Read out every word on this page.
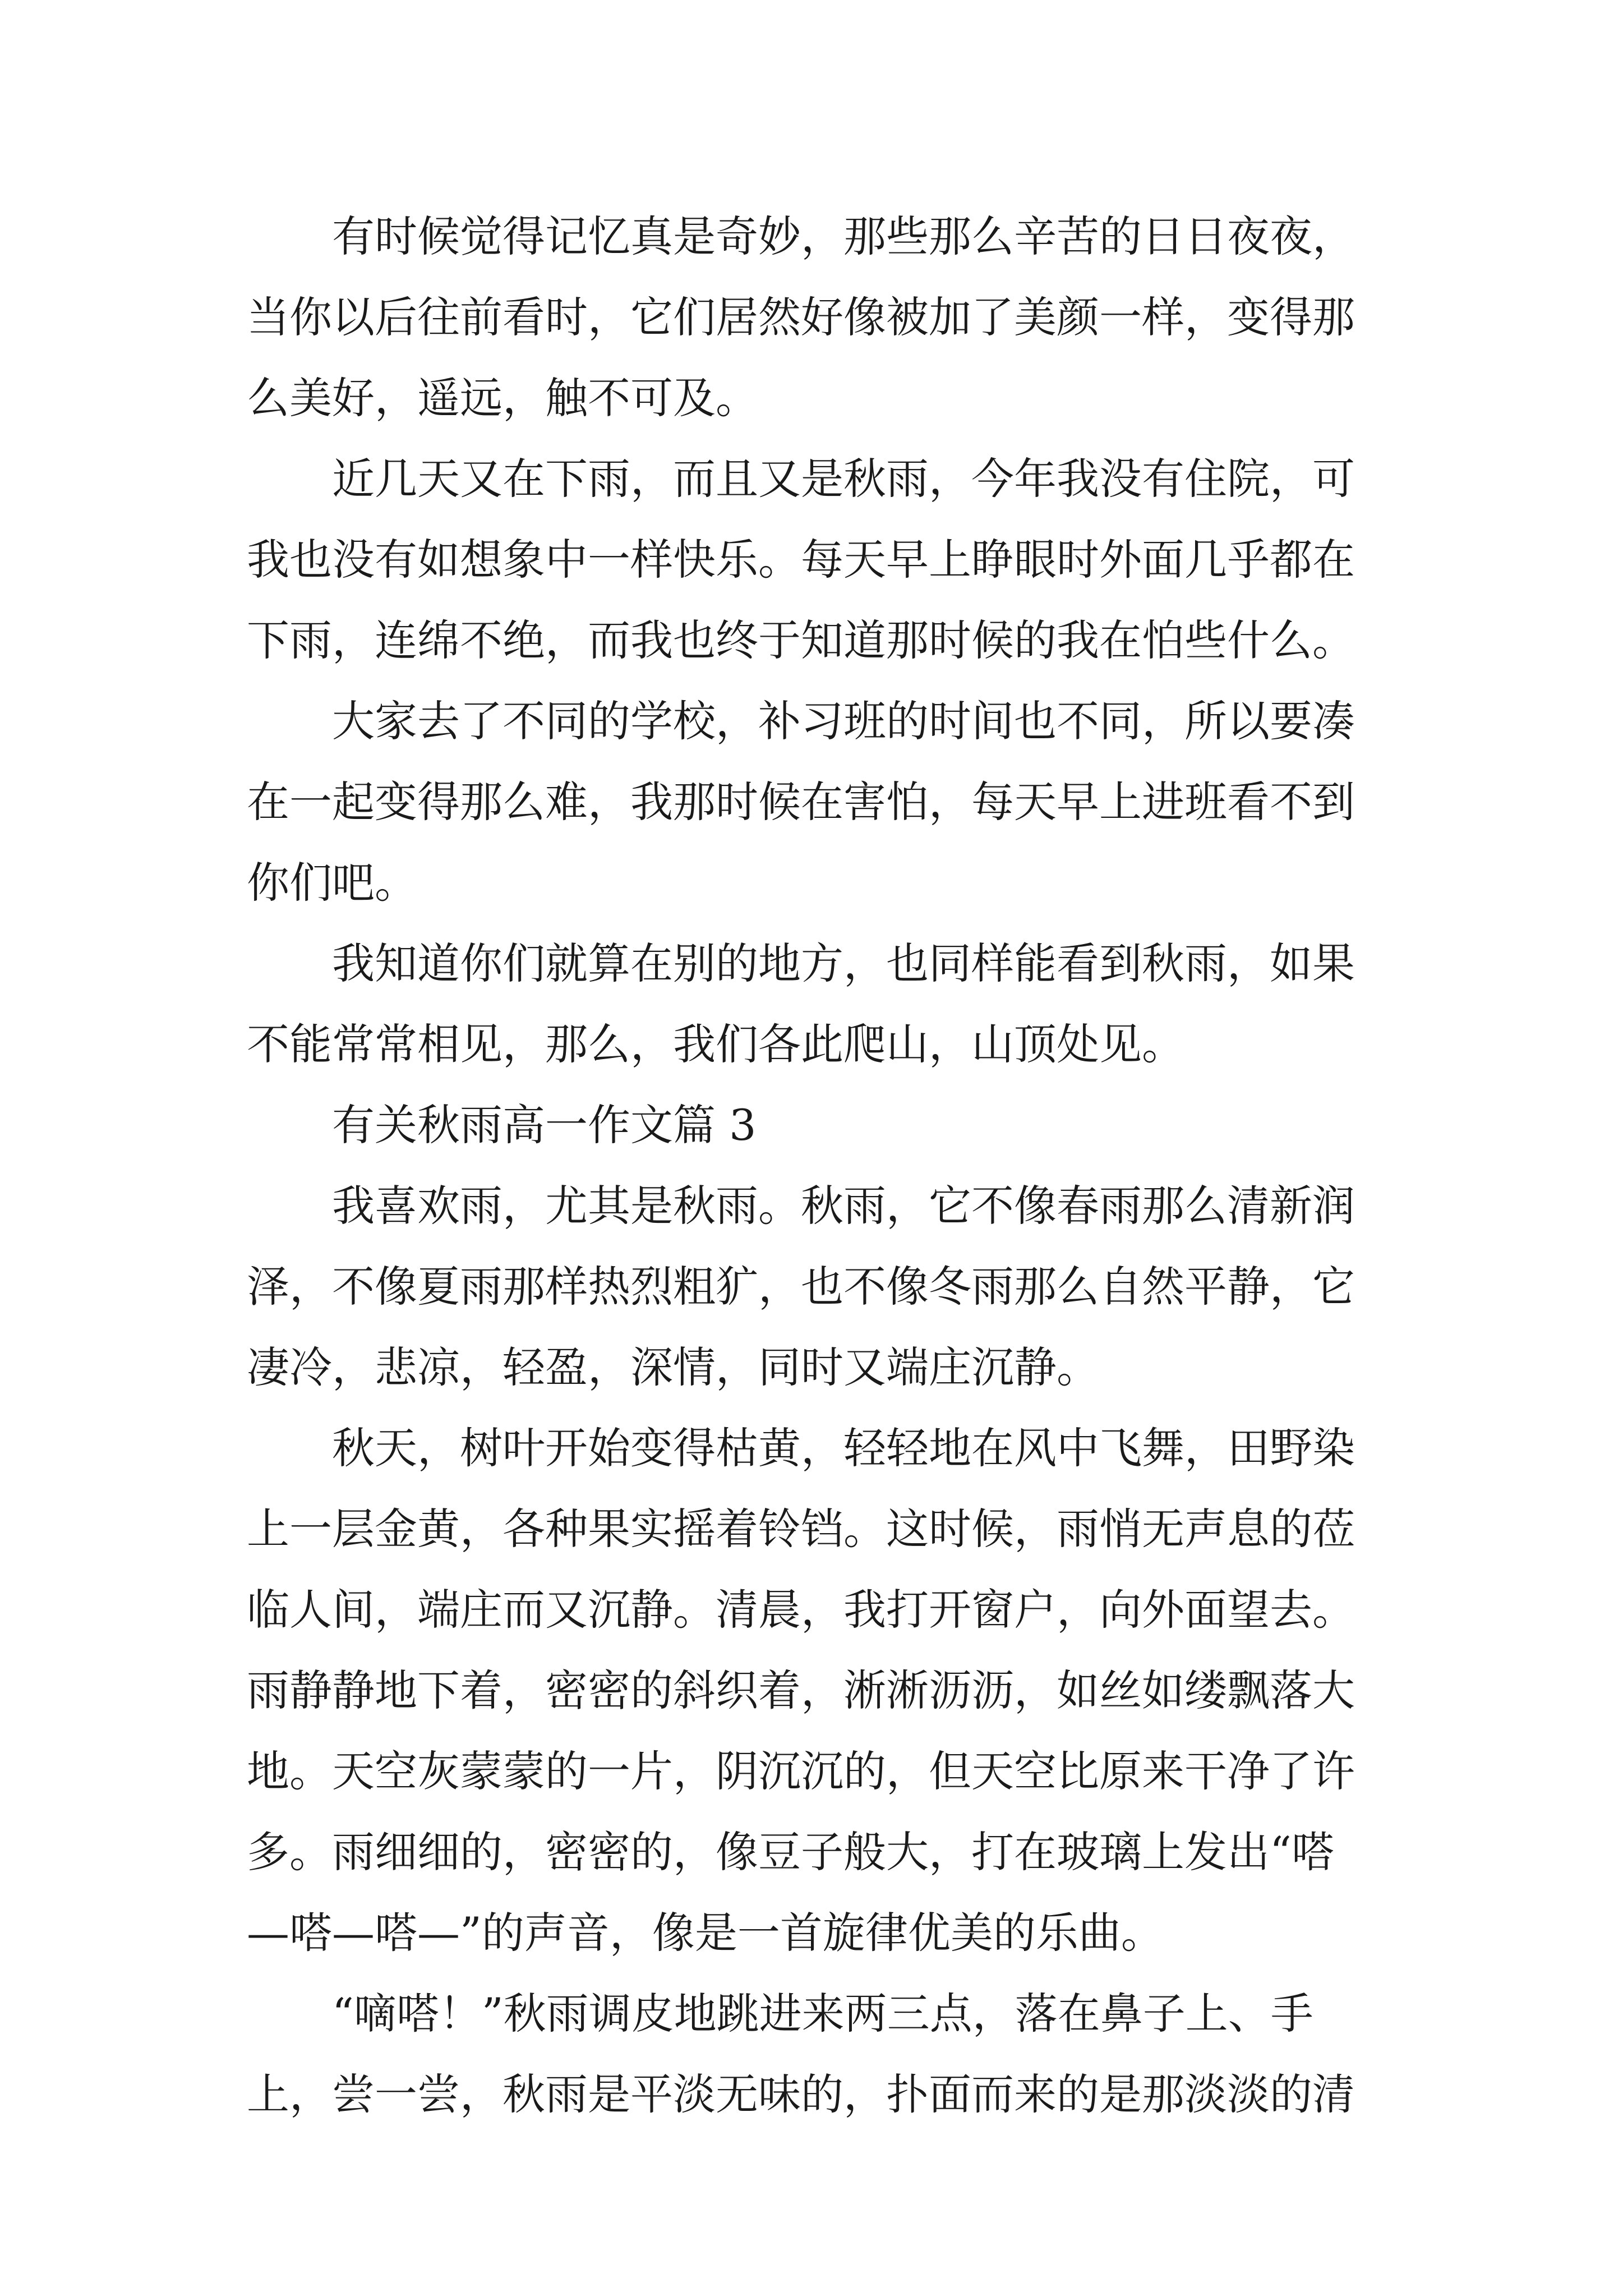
有时候觉得记忆真是奇妙，那些那么辛苦的日日夜夜，
当你以后往前看时，它们居然好像被加了美颜一样，变得那
么美好，遥远，触不可及。
近几天又在下雨，而且又是秋雨，今年我没有住院，可
我也没有如想象中一样快乐。每天早上睁眼时外面几乎都在
下雨，连绵不绝，而我也终于知道那时候的我在怕些什么。
大家去了不同的学校，补习班的时间也不同，所以要凑
在一起变得那么难，我那时候在害怕，每天早上进班看不到
你们吧。
我知道你们就算在别的地方，也同样能看到秋雨，如果
不能常常相见，那么，我们各此爬山，山顶处见。
有关秋雨高一作文篇 3
我喜欢雨，尤其是秋雨。秋雨，它不像春雨那么清新润
泽，不像夏雨那样热烈粗犷，也不像冬雨那么自然平静，它
凄冷，悲凉，轻盈，深情，同时又端庄沉静。
秋天，树叶开始变得枯黄，轻轻地在风中飞舞，田野染
上一层金黄，各种果实摇着铃铛。这时候，雨悄无声息的莅
临人间，端庄而又沉静。清晨，我打开窗户，向外面望去。
雨静静地下着，密密的斜织着，淅淅沥沥，如丝如缕飘落大
地。天空灰蒙蒙的一片，阴沉沉的，但天空比原来干净了许
多。雨细细的，密密的，像豆子般大，打在玻璃上发出“嗒
—嗒—嗒—”的声音，像是一首旋律优美的乐曲。
“嘀嗒！”秋雨调皮地跳进来两三点，落在鼻子上、手
上，尝一尝，秋雨是平淡无味的，扑面而来的是那淡淡的清
